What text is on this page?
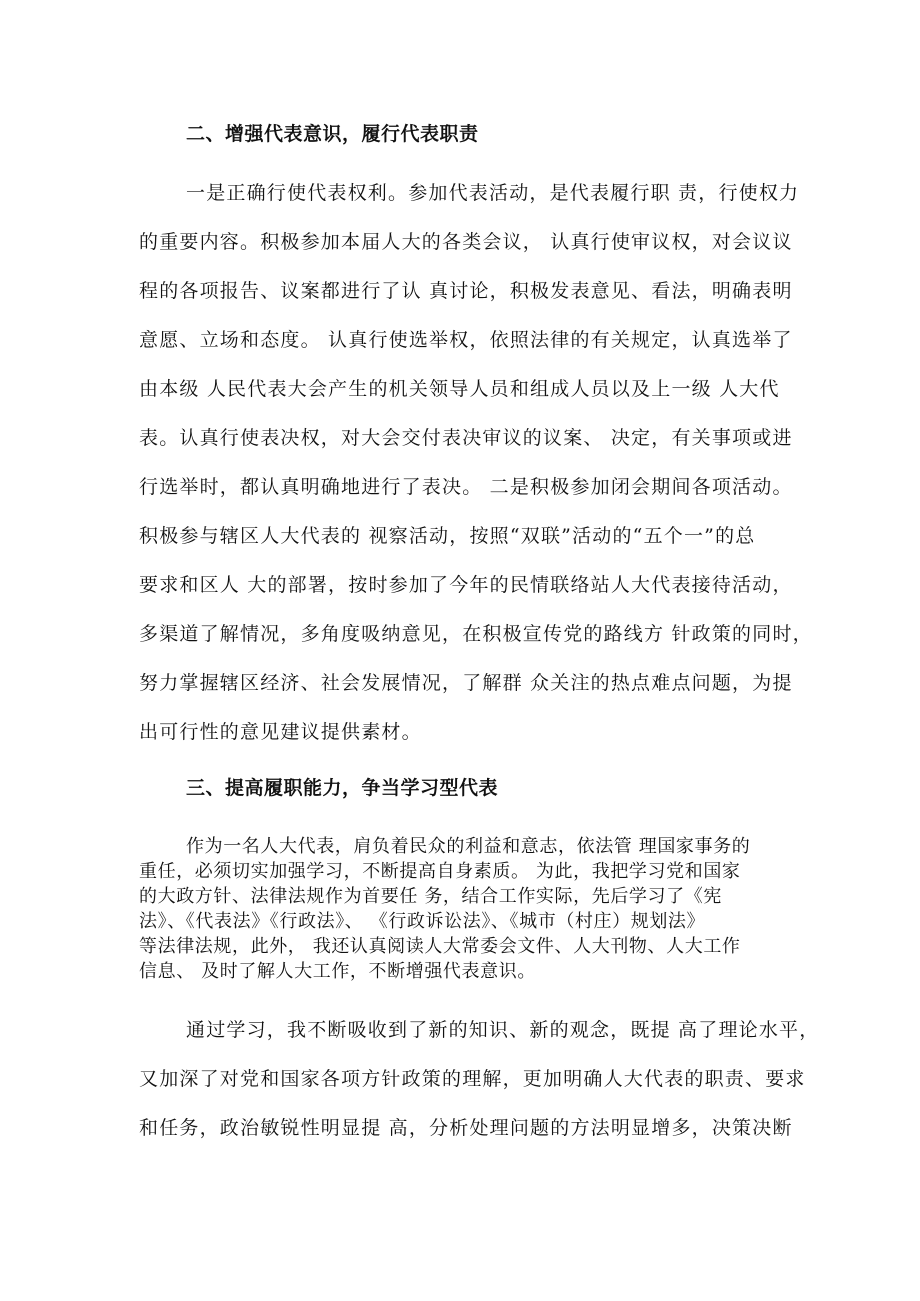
二、增强代表意识，履行代表职责
一是正确行使代表权利。参加代表活动，是代表履行职 责，行使权力
的重要内容。积极参加本届人大的各类会议， 认真行使审议权，对会议议
程的各项报告、议案都进行了认 真讨论，积极发表意见、看法，明确表明
意愿、立场和态度。 认真行使选举权，依照法律的有关规定，认真选举了
由本级 人民代表大会产生的机关领导人员和组成人员以及上一级 人大代
表。认真行使表决权，对大会交付表决审议的议案、 决定，有关事项或进
行选举时，都认真明确地进行了表决。 二是积极参加闭会期间各项活动。
积极参与辖区人大代表的 视察活动，按照“双联”活动的“五个一”的总
要求和区人 大的部署，按时参加了今年的民情联络站人大代表接待活动，
多渠道了解情况，多角度吸纳意见，在积极宣传党的路线方 针政策的同时，
努力掌握辖区经济、社会发展情况，了解群 众关注的热点难点问题，为提
出可行性的意见建议提供素材。
三、提高履职能力，争当学习型代表
作为一名人大代表，肩负着民众的利益和意志，依法管 理国家事务的
重任，必须切实加强学习，不断提高自身素质。 为此，我把学习党和国家
的大政方针、法律法规作为首要任 务，结合工作实际，先后学习了《宪
法》、《代表法》《行政法》、 《行政诉讼法》、《城市（村庄）规划法》
等法律法规，此外， 我还认真阅读人大常委会文件、人大刊物、人大工作
信息、 及时了解人大工作，不断增强代表意识。
通过学习，我不断吸收到了新的知识、新的观念，既提 高了理论水平，
又加深了对党和国家各项方针政策的理解，更加明确人大代表的职责、要求
和任务，政治敏锐性明显提 高，分析处理问题的方法明显增多，决策决断
